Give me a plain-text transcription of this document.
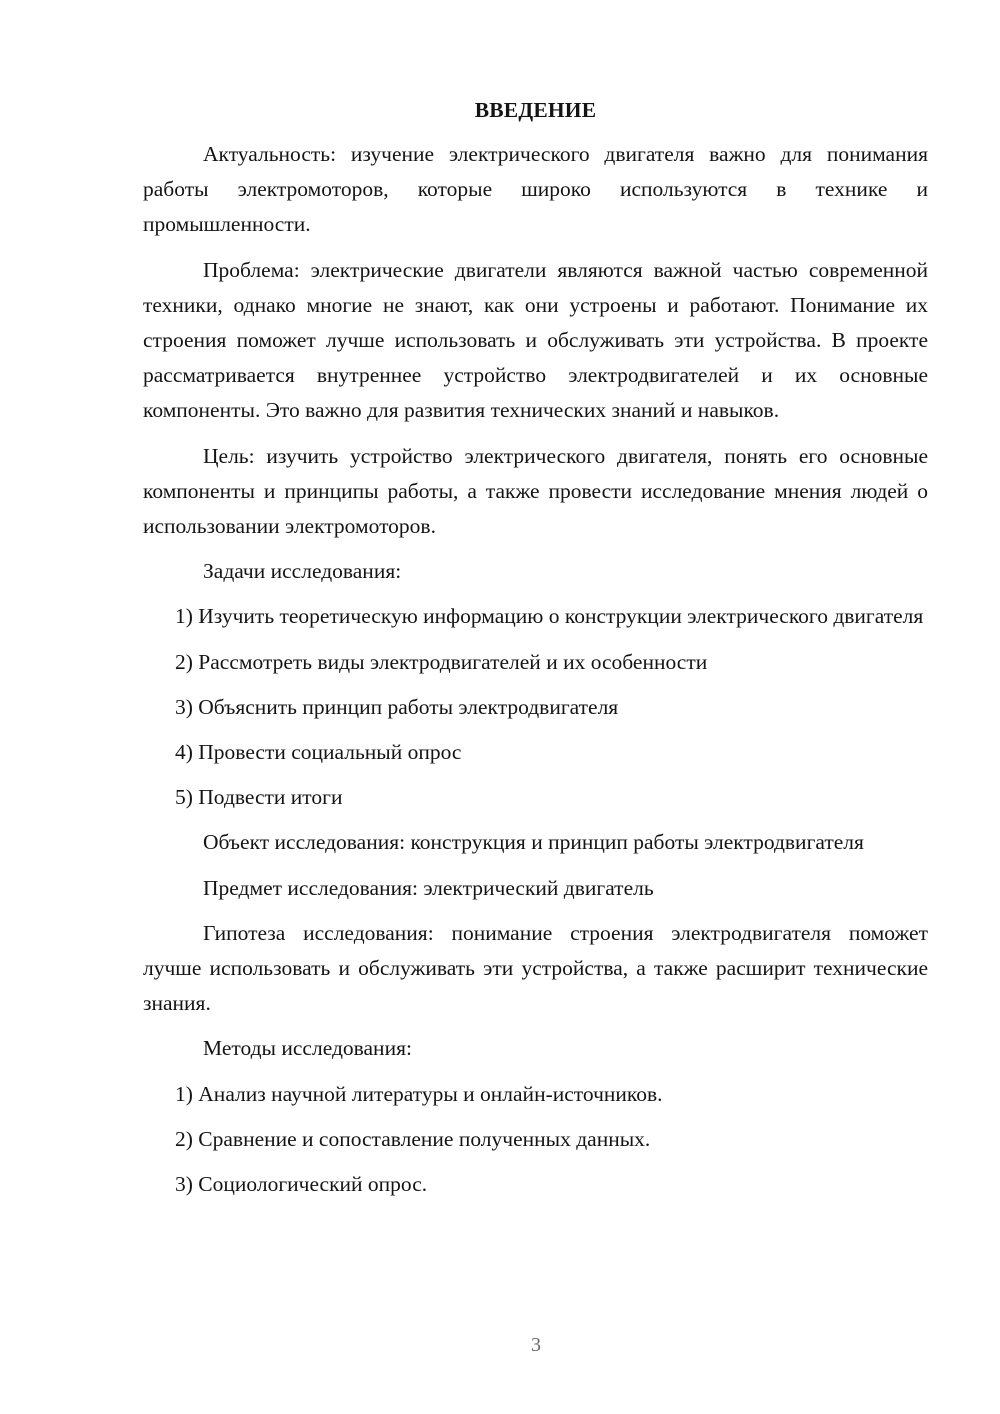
ВВЕДЕНИЕ

Актуальность: изучение электрического двигателя важно для понимания работы электромоторов, которые широко используются в технике и промышленности.

Проблема: электрические двигатели являются важной частью современной техники, однако многие не знают, как они устроены и работают. Понимание их строения поможет лучше использовать и обслуживать эти устройства. В проекте рассматривается внутреннее устройство электродвигателей и их основные компоненты. Это важно для развития технических знаний и навыков.

Цель: изучить устройство электрического двигателя, понять его основные компоненты и принципы работы, а также провести исследование мнения людей о использовании электромоторов.

Задачи исследования:

1) Изучить теоретическую информацию о конструкции электрического двигателя

2) Рассмотреть виды электродвигателей и их особенности

3) Объяснить принцип работы электродвигателя

4) Провести социальный опрос

5) Подвести итоги

Объект исследования: конструкция и принцип работы электродвигателя

Предмет исследования: электрический двигатель

Гипотеза исследования: понимание строения электродвигателя поможет лучше использовать и обслуживать эти устройства, а также расширит технические знания.

Методы исследования:

1) Анализ научной литературы и онлайн-источников.

2) Сравнение и сопоставление полученных данных.

3) Социологический опрос.

3
